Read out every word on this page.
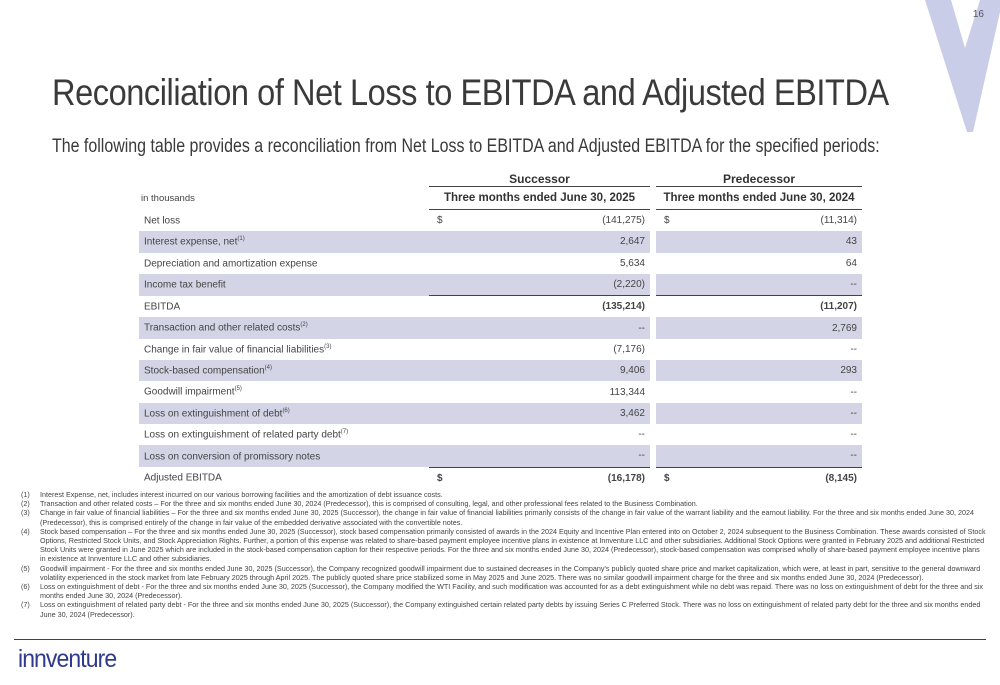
16
Reconciliation of Net Loss to EBITDA and Adjusted EBITDA

The following table provides a reconciliation from Net Loss to EBITDA and Adjusted EBITDA for the specified periods:

	Successor			Predecessor	
in thousands	Three months ended June 30, 2025			Three months ended June 30, 2024	
Net loss	$	(141,275)		$	(11,314)
Interest expense, net$^{(1)}$		2,647			43
Depreciation and amortization expense		5,634			64
Income tax benefit		(2,220)			--
EBITDA		(135,214)			(11,207)
Transaction and other related costs$^{(2)}$		--			2,769
Change in fair value of financial liabilities$^{(3)}$		(7,176)			--
Stock-based compensation$^{(4)}$		9,406			293
Goodwill impairment$^{(5)}$		113,344			--
Loss on extinguishment of debt$^{(6)}$		3,462			--
Loss on extinguishment of related party debt$^{(7)}$		--			--
Loss on conversion of promissory notes		--			--
Adjusted EBITDA	$	(16,178)		$	(8,145)
(1)	Interest Expense, net, includes interest incurred on our various borrowing facilities and the amortization of debt issuance costs.
(2)	Transaction and other related costs – For the three and six months ended June 30, 2024 (Predecessor), this is comprised of consulting, legal, and other professional fees related to the Business Combination.
(3)	Change in fair value of financial liabilities – For the three and six months ended June 30, 2025 (Successor), the change in fair value of financial liabilities primarily consists of the change in fair value of the warrant liability and the earnout liability. For the three and six months ended June 30, 2024 (Predecessor), this is comprised entirely of the change in fair value of the embedded derivative associated with the convertible notes.
(4)	Stock based compensation – For the three and six months ended June 30, 2025 (Successor), stock based compensation primarily consisted of awards in the 2024 Equity and Incentive Plan entered into on October 2, 2024 subsequent to the Business Combination. These awards consisted of Stock Options, Restricted Stock Units, and Stock Appreciation Rights. Further, a portion of this expense was related to share-based payment employee incentive plans in existence at Innventure LLC and other subsidiaries. Additional Stock Options were granted in February 2025 and additional Restricted Stock Units were granted in June 2025 which are included in the stock-based compensation caption for their respective periods. For the three and six months ended June 30, 2024 (Predecessor), stock-based compensation was comprised wholly of share-based payment employee incentive plans in existence at Innventure LLC and other subsidiaries.
(5)	Goodwill impairment - For the three and six months ended June 30, 2025 (Successor), the Company recognized goodwill impairment due to sustained decreases in the Company's publicly quoted share price and market capitalization, which were, at least in part, sensitive to the general downward volatility experienced in the stock market from late February 2025 through April 2025. The publicly quoted share price stabilized some in May 2025 and June 2025. There was no similar goodwill impairment charge for the three and six months ended June 30, 2024 (Predecessor).
(6)	Loss on extinguishment of debt - For the three and six months ended June 30, 2025 (Successor), the Company modified the WTI Facility, and such modification was accounted for as a debt extinguishment while no debt was repaid. There was no loss on extinguishment of debt for the three and six months ended June 30, 2024 (Predecessor).
(7)	Loss on extinguishment of related party debt - For the three and six months ended June 30, 2025 (Successor), the Company extinguished certain related party debts by issuing Series C Preferred Stock. There was no loss on extinguishment of related party debt for the three and six months ended June 30, 2024 (Predecessor).
innventure
